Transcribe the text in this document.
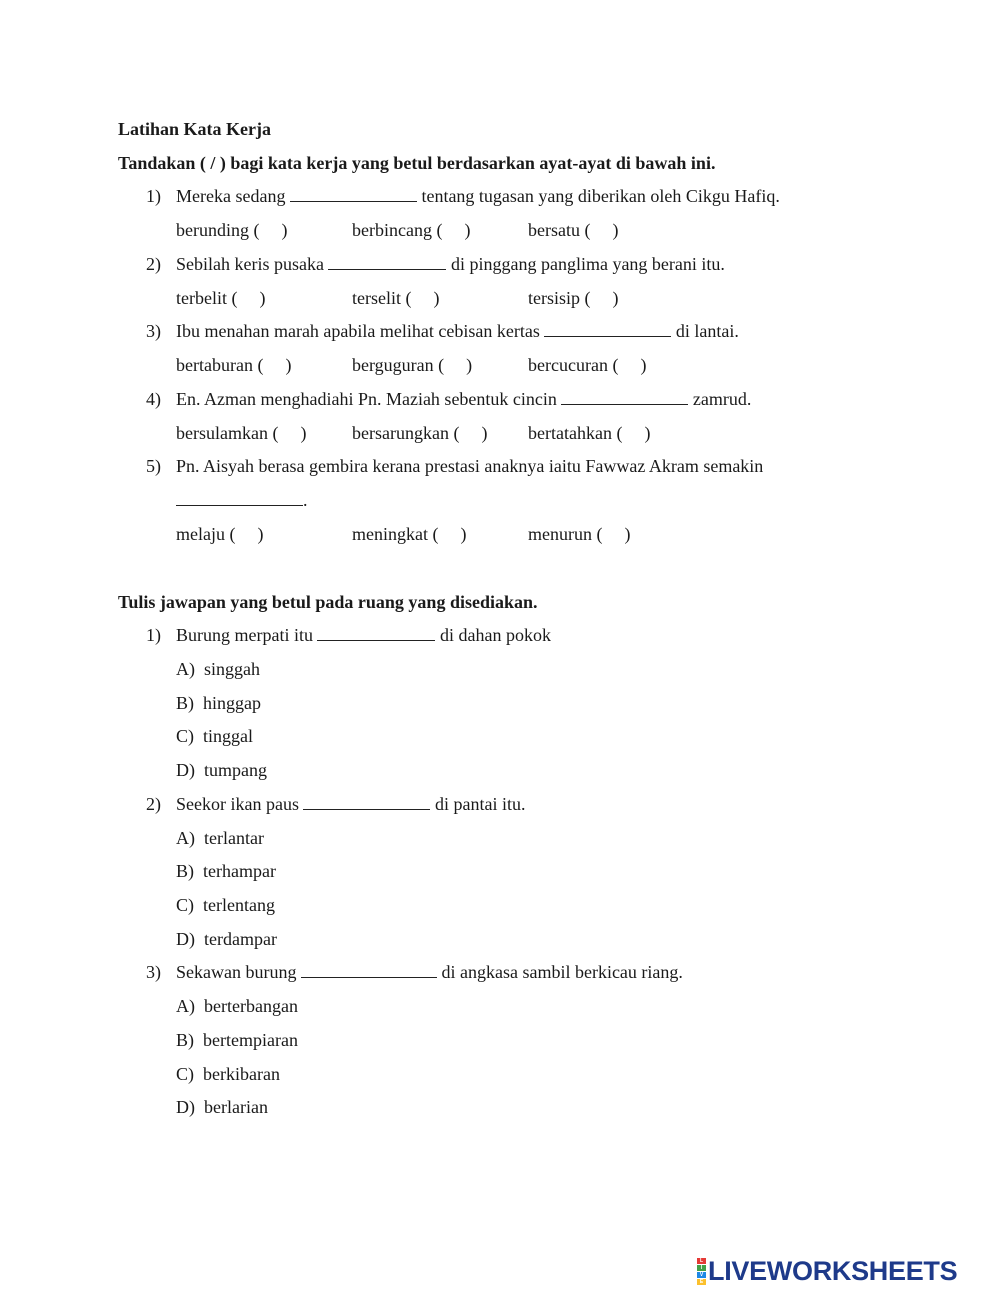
Latihan Kata Kerja
Tandakan ( / ) bagi kata kerja yang betul berdasarkan ayat-ayat di bawah ini.
1) Mereka sedang	tentang tugasan yang diberikan oleh Cikgu Hafiq.
berunding ( )	berbincang ( )	bersatu ( )
2) Sebilah keris pusaka	di pinggang panglima yang berani itu.
terbelit ( )	terselit ( )	tersisip ( )
3) Ibu menahan marah apabila melihat cebisan kertas	di lantai.
bertaburan ( )	berguguran ( )	bercucuran ( )
4) En. Azman menghadiahi Pn. Maziah sebentuk cincin	zamrud.
bersulamkan ( )	bersarungkan ( ) bertatahkan ( )
5) Pn. Aisyah berasa gembira kerana prestasi anaknya iaitu Fawwaz Akram semakin
.
melaju ( )	meningkat ( )	menurun ( )
Tulis jawapan yang betul pada ruang yang disediakan.
1) Burung merpati itu	di dahan pokok
A) singgah
B) hinggap
C) tinggal
D) tumpang
2) Seekor ikan paus	di pantai itu.
A) terlantar
B) terhampar
C) terlentang
D) terdampar
3) Sekawan burung	di angkasa sambil berkicau riang.
A) berterbangan
B) bertempiaran
C) berkibaran
D) berlarian
L
I
V
E LIVEWORKSHEETS
